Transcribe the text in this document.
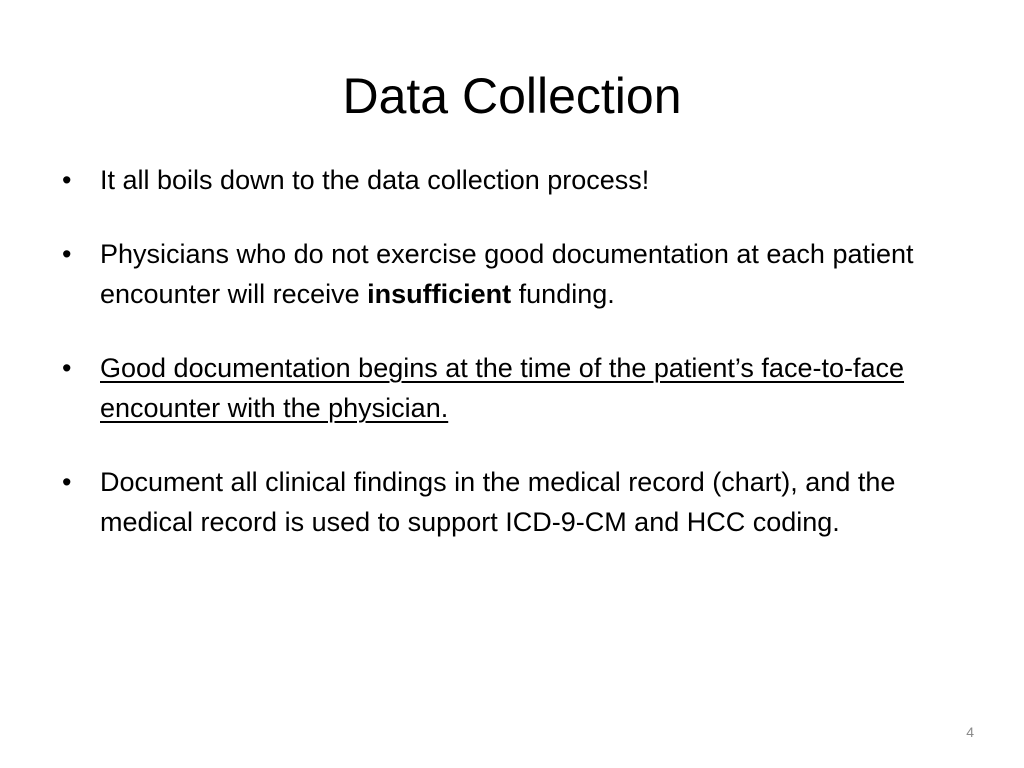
Data Collection
•	It all boils down to the data collection process!
•	Physicians who do not exercise good documentation at each patient encounter will receive insufficient funding.
•	Good documentation begins at the time of the patient’s face-to-face encounter with the physician.
•	Document all clinical findings in the medical record (chart), and the medical record is used to support ICD-9-CM and HCC coding.
4
